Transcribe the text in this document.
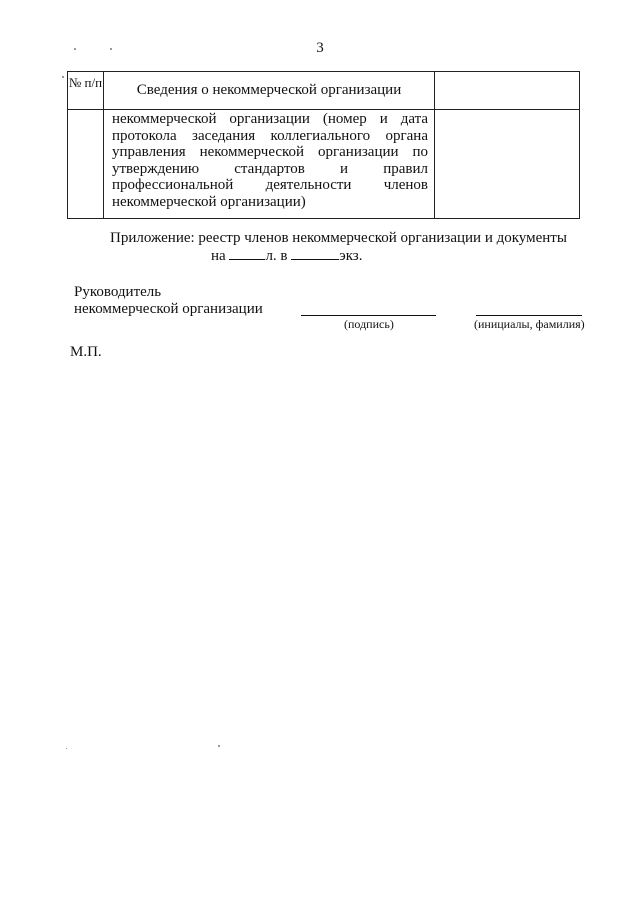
3
№ п/п	Сведения о некоммерческой организации	
	некоммерческой организации (номер и дата протокола заседания коллегиального органа управления некоммерческой организации по утверждению стандартов и правил профессиональной деятельности членов некоммерческой организации)	
Приложение: реестр членов некоммерческой организации и документы
на	л. в	экз.
Руководитель
некоммерческой организации
(подпись)	(инициалы, фамилия)
М.П.
